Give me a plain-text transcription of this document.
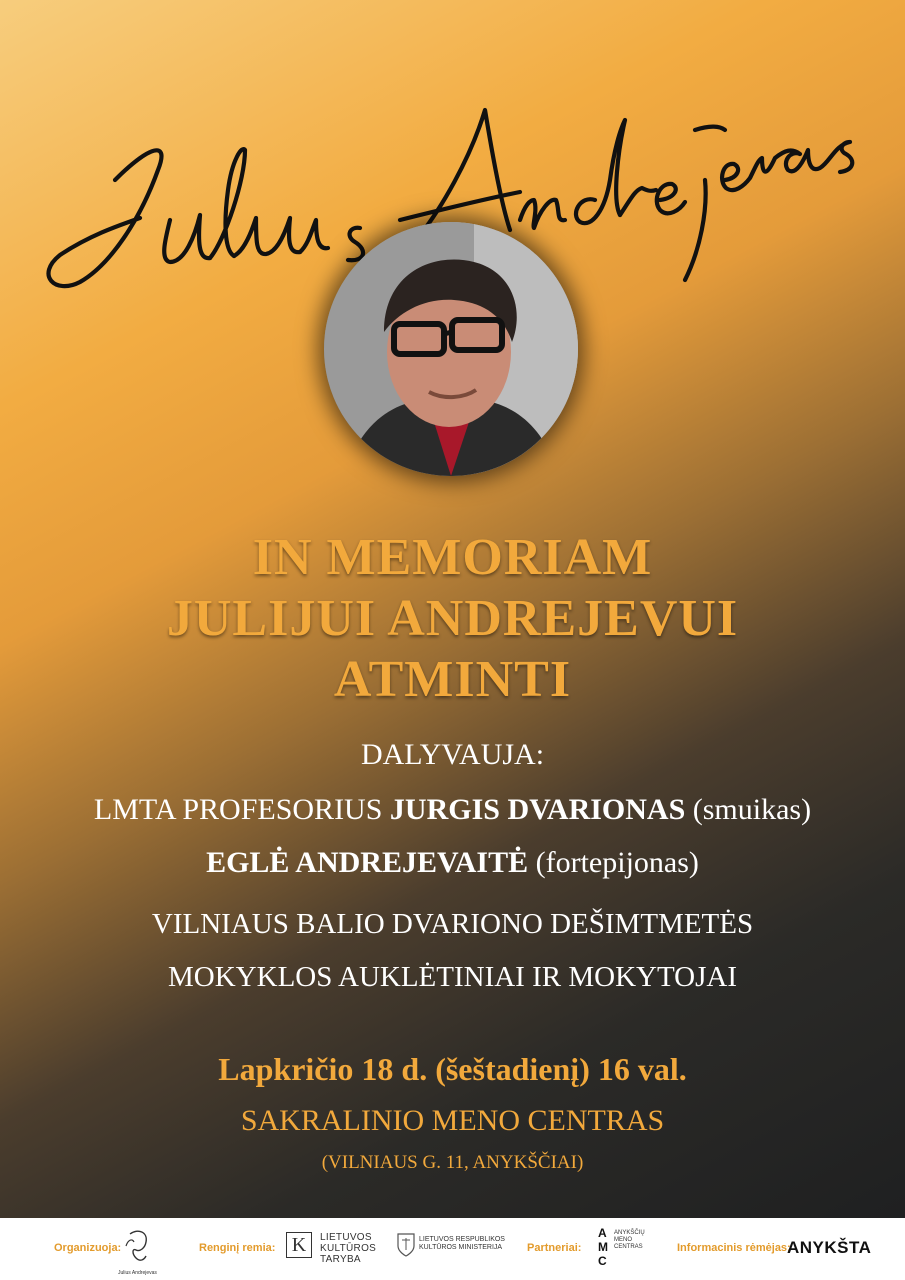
IN MEMORIAM
JULIJUI ANDREJEVUI
ATMINTI
DALYVAUJA:
LMTA PROFESORIUS JURGIS DVARIONAS (smuikas)
EGLĖ ANDREJEVAITĖ (fortepijonas)
VILNIAUS BALIO DVARIONO DEŠIMTMETĖS
MOKYKLOS AUKLĖTINIAI IR MOKYTOJAI
Lapkričio 18 d. (šeštadienį) 16 val.
SAKRALINIO MENO CENTRAS
(VILNIAUS G. 11, ANYKŠČIAI)
Organizuoja:
Julius Andrejevas
Renginį remia: K	LIETUVOS
KULTŪROS
TARYBA
LIETUVOS RESPUBLIKOS
KULTŪROS MINISTERIJA Partneriai:
AMC
ANYKŠČIŲ
MENO
CENTRAS	Informacinis rėmėjas:
ANYKŠTA
